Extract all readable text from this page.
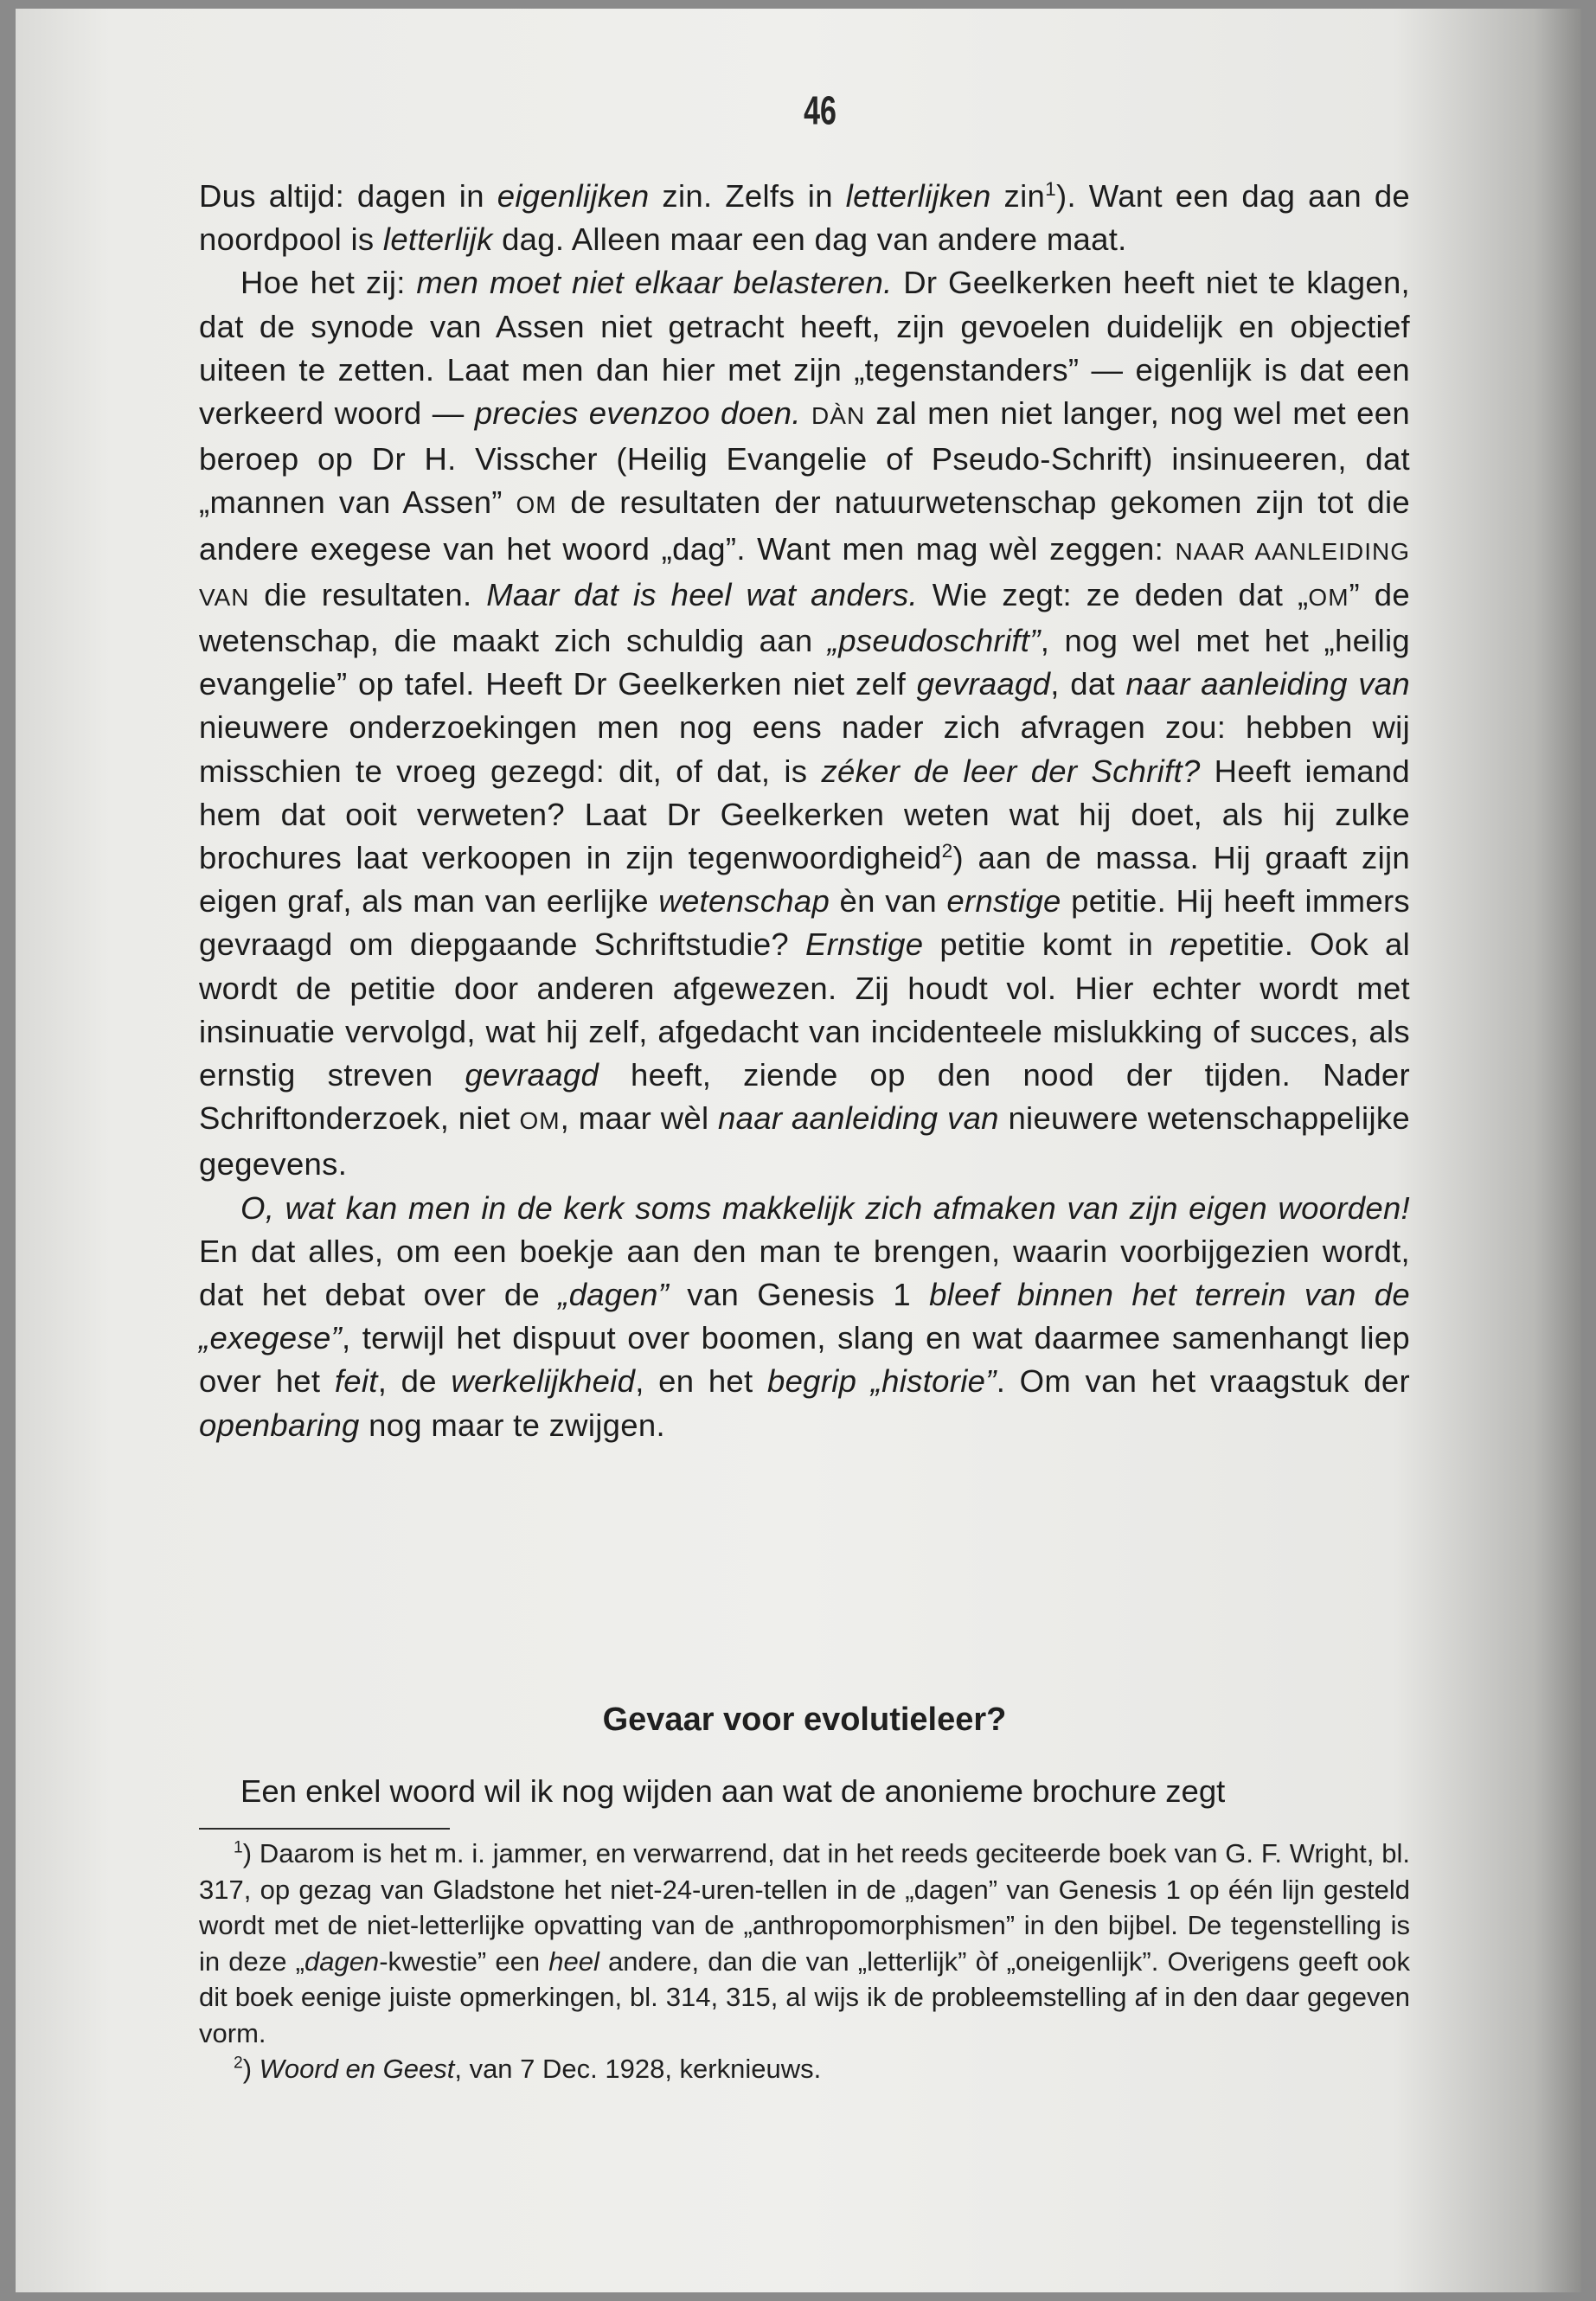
46

Dus altijd: dagen in eigenlijken zin. Zelfs in letterlijken zin$^1$). Want een dag aan de noordpool is letterlijk dag. Alleen maar een dag van andere maat.

Hoe het zij: men moet niet elkaar belasteren. Dr Geelkerken heeft niet te klagen, dat de synode van Assen niet getracht heeft, zijn gevoelen duidelijk en objectief uiteen te zetten. Laat men dan hier met zijn „tegenstanders” — eigenlijk is dat een verkeerd woord — precies evenzoo doen. DÀN zal men niet langer, nog wel met een beroep op Dr H. Visscher (Heilig Evangelie of Pseudo-Schrift) insinueeren, dat „mannen van Assen” OM de resultaten der natuurwetenschap gekomen zijn tot die andere exegese van het woord „dag”. Want men mag wèl zeggen: NAAR AANLEIDING VAN die resultaten. Maar dat is heel wat anders. Wie zegt: ze deden dat „OM” de wetenschap, die maakt zich schuldig aan „pseudoschrift”, nog wel met het „heilig evangelie” op tafel. Heeft Dr Geelkerken niet zelf gevraagd, dat naar aanleiding van nieuwere onderzoekingen men nog eens nader zich afvragen zou: hebben wij misschien te vroeg gezegd: dit, of dat, is zéker de leer der Schrift? Heeft iemand hem dat ooit verweten? Laat Dr Geelkerken weten wat hij doet, als hij zulke brochures laat verkoopen in zijn tegenwoordigheid$^2$) aan de massa. Hij graaft zijn eigen graf, als man van eerlijke wetenschap èn van ernstige petitie. Hij heeft immers gevraagd om diepgaande Schriftstudie? Ernstige petitie komt in repetitie. Ook al wordt de petitie door anderen afgewezen. Zij houdt vol. Hier echter wordt met insinuatie vervolgd, wat hij zelf, afgedacht van incidenteele mislukking of succes, als ernstig streven gevraagd heeft, ziende op den nood der tijden. Nader Schriftonderzoek, niet OM, maar wèl naar aanleiding van nieuwere wetenschappelijke gegevens.

O, wat kan men in de kerk soms makkelijk zich afmaken van zijn eigen woorden! En dat alles, om een boekje aan den man te brengen, waarin voorbijgezien wordt, dat het debat over de „dagen” van Genesis 1 bleef binnen het terrein van de „exegese”, terwijl het dispuut over boomen, slang en wat daarmee samenhangt liep over het feit, de werkelijkheid, en het begrip „historie”. Om van het vraagstuk der openbaring nog maar te zwijgen.

Gevaar voor evolutieleer?
Een enkel woord wil ik nog wijden aan wat de anonieme brochure zegt

$^1$) Daarom is het m. i. jammer, en verwarrend, dat in het reeds geciteerde boek van G. F. Wright, bl. 317, op gezag van Gladstone het niet-24-uren-tellen in de „dagen” van Genesis 1 op één lijn gesteld wordt met de niet-letterlijke opvatting van de „anthropomorphismen” in den bijbel. De tegenstelling is in deze „dagen-kwestie” een heel andere, dan die van „letterlijk” òf „oneigenlijk”. Overigens geeft ook dit boek eenige juiste opmerkingen, bl. 314, 315, al wijs ik de probleemstelling af in den daar gegeven vorm.

$^2$) Woord en Geest, van 7 Dec. 1928, kerknieuws.
